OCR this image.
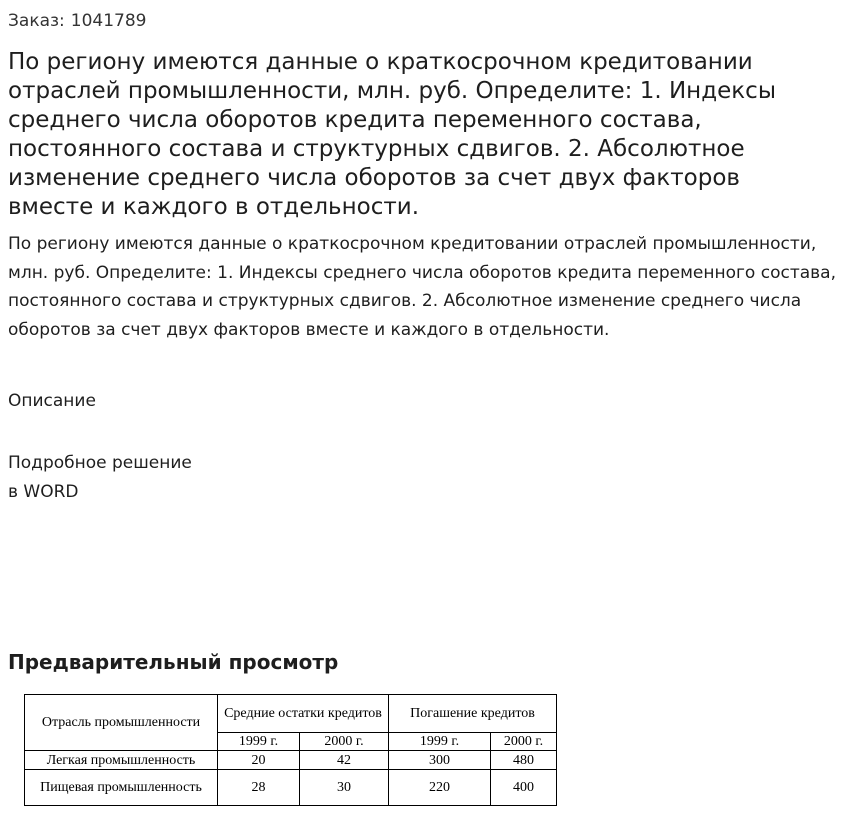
Заказ: 1041789
По региону имеются данные о краткосрочном кредитовании отраслей промышленности, млн. руб. Определите: 1. Индексы среднего числа оборотов кредита переменного состава, постоянного состава и структурных сдвигов. 2. Абсолютное изменение среднего числа оборотов за счет двух факторов вместе и каждого в отдельности.

По региону имеются данные о краткосрочном кредитовании отраслей промышленности, млн. руб. Определите: 1. Индексы среднего числа оборотов кредита переменного состава, постоянного состава и структурных сдвигов. 2. Абсолютное изменение среднего числа оборотов за счет двух факторов вместе и каждого в отдельности.

Описание
Подробное решение
в WORD
Предварительный просмотр
Отрасль промышленности	Средние остатки кредитов		Погашение кредитов	
	1999 г.	2000 г.	1999 г.	2000 г.
Легкая промышленность	20	42	300	480
Пищевая промышленность	28	30	220	400
